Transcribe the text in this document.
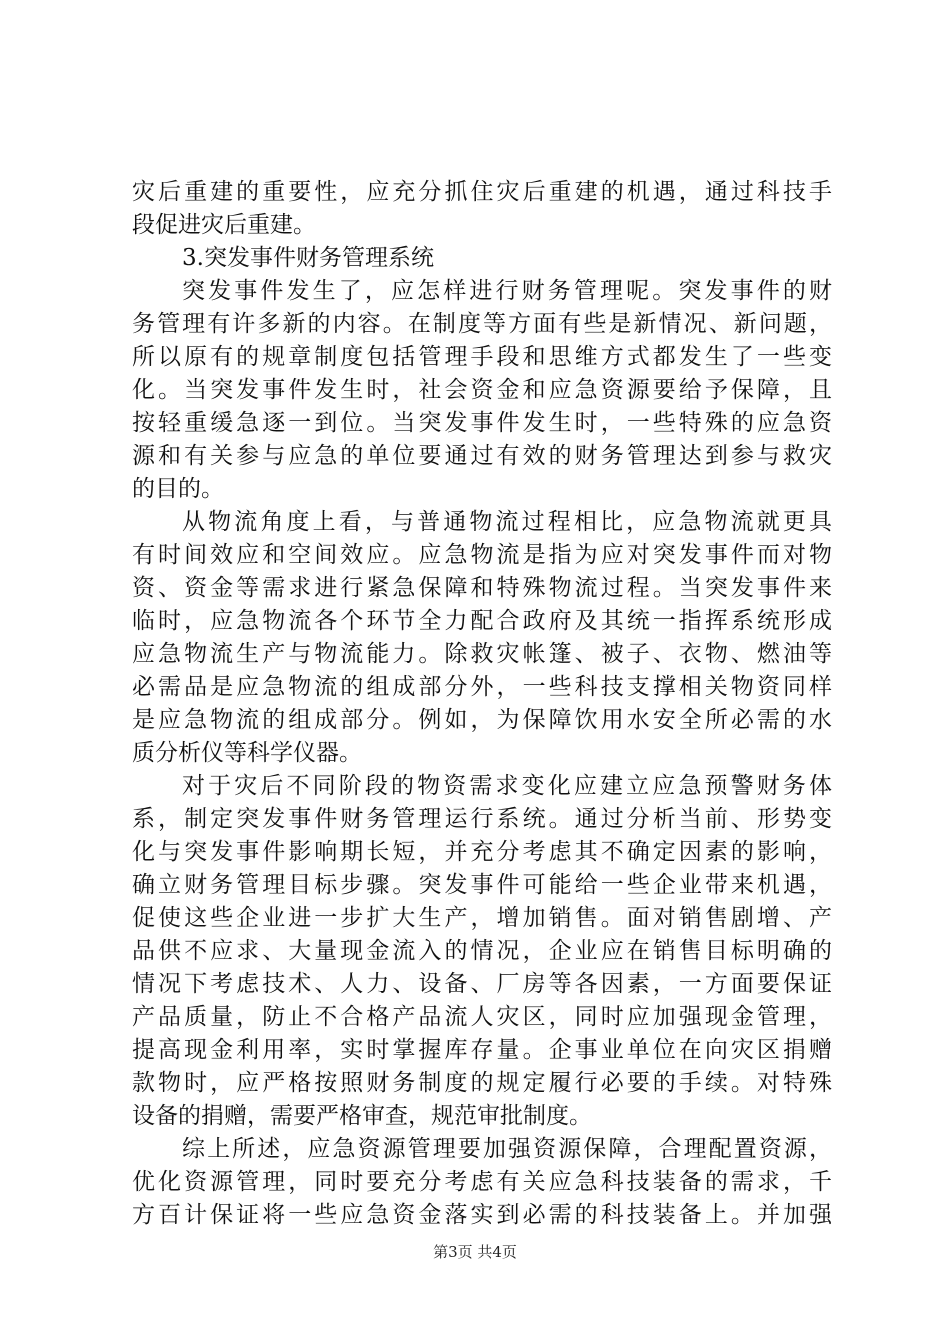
灾后重建的重要性，应充分抓住灾后重建的机遇，通过科技手
段促进灾后重建。
3.突发事件财务管理系统
突发事件发生了，应怎样进行财务管理呢。突发事件的财
务管理有许多新的内容。在制度等方面有些是新情况、新问题，
所以原有的规章制度包括管理手段和思维方式都发生了一些变
化。当突发事件发生时，社会资金和应急资源要给予保障，且
按轻重缓急逐一到位。当突发事件发生时，一些特殊的应急资
源和有关参与应急的单位要通过有效的财务管理达到参与救灾
的目的。
从物流角度上看，与普通物流过程相比，应急物流就更具
有时间效应和空间效应。应急物流是指为应对突发事件而对物
资、资金等需求进行紧急保障和特殊物流过程。当突发事件来
临时，应急物流各个环节全力配合政府及其统一指挥系统形成
应急物流生产与物流能力。除救灾帐篷、被子、衣物、燃油等
必需品是应急物流的组成部分外，一些科技支撑相关物资同样
是应急物流的组成部分。例如，为保障饮用水安全所必需的水
质分析仪等科学仪器。
对于灾后不同阶段的物资需求变化应建立应急预警财务体
系，制定突发事件财务管理运行系统。通过分析当前、形势变
化与突发事件影响期长短，并充分考虑其不确定因素的影响，
确立财务管理目标步骤。突发事件可能给一些企业带来机遇，
促使这些企业进一步扩大生产，增加销售。面对销售剧增、产
品供不应求、大量现金流入的情况，企业应在销售目标明确的
情况下考虑技术、人力、设备、厂房等各因素，一方面要保证
产品质量，防止不合格产品流人灾区，同时应加强现金管理，
提高现金利用率，实时掌握库存量。企事业单位在向灾区捐赠
款物时，应严格按照财务制度的规定履行必要的手续。对特殊
设备的捐赠，需要严格审查，规范审批制度。
综上所述，应急资源管理要加强资源保障，合理配置资源，
优化资源管理，同时要充分考虑有关应急科技装备的需求，千
方百计保证将一些应急资金落实到必需的科技装备上。并加强
第3页 共4页
